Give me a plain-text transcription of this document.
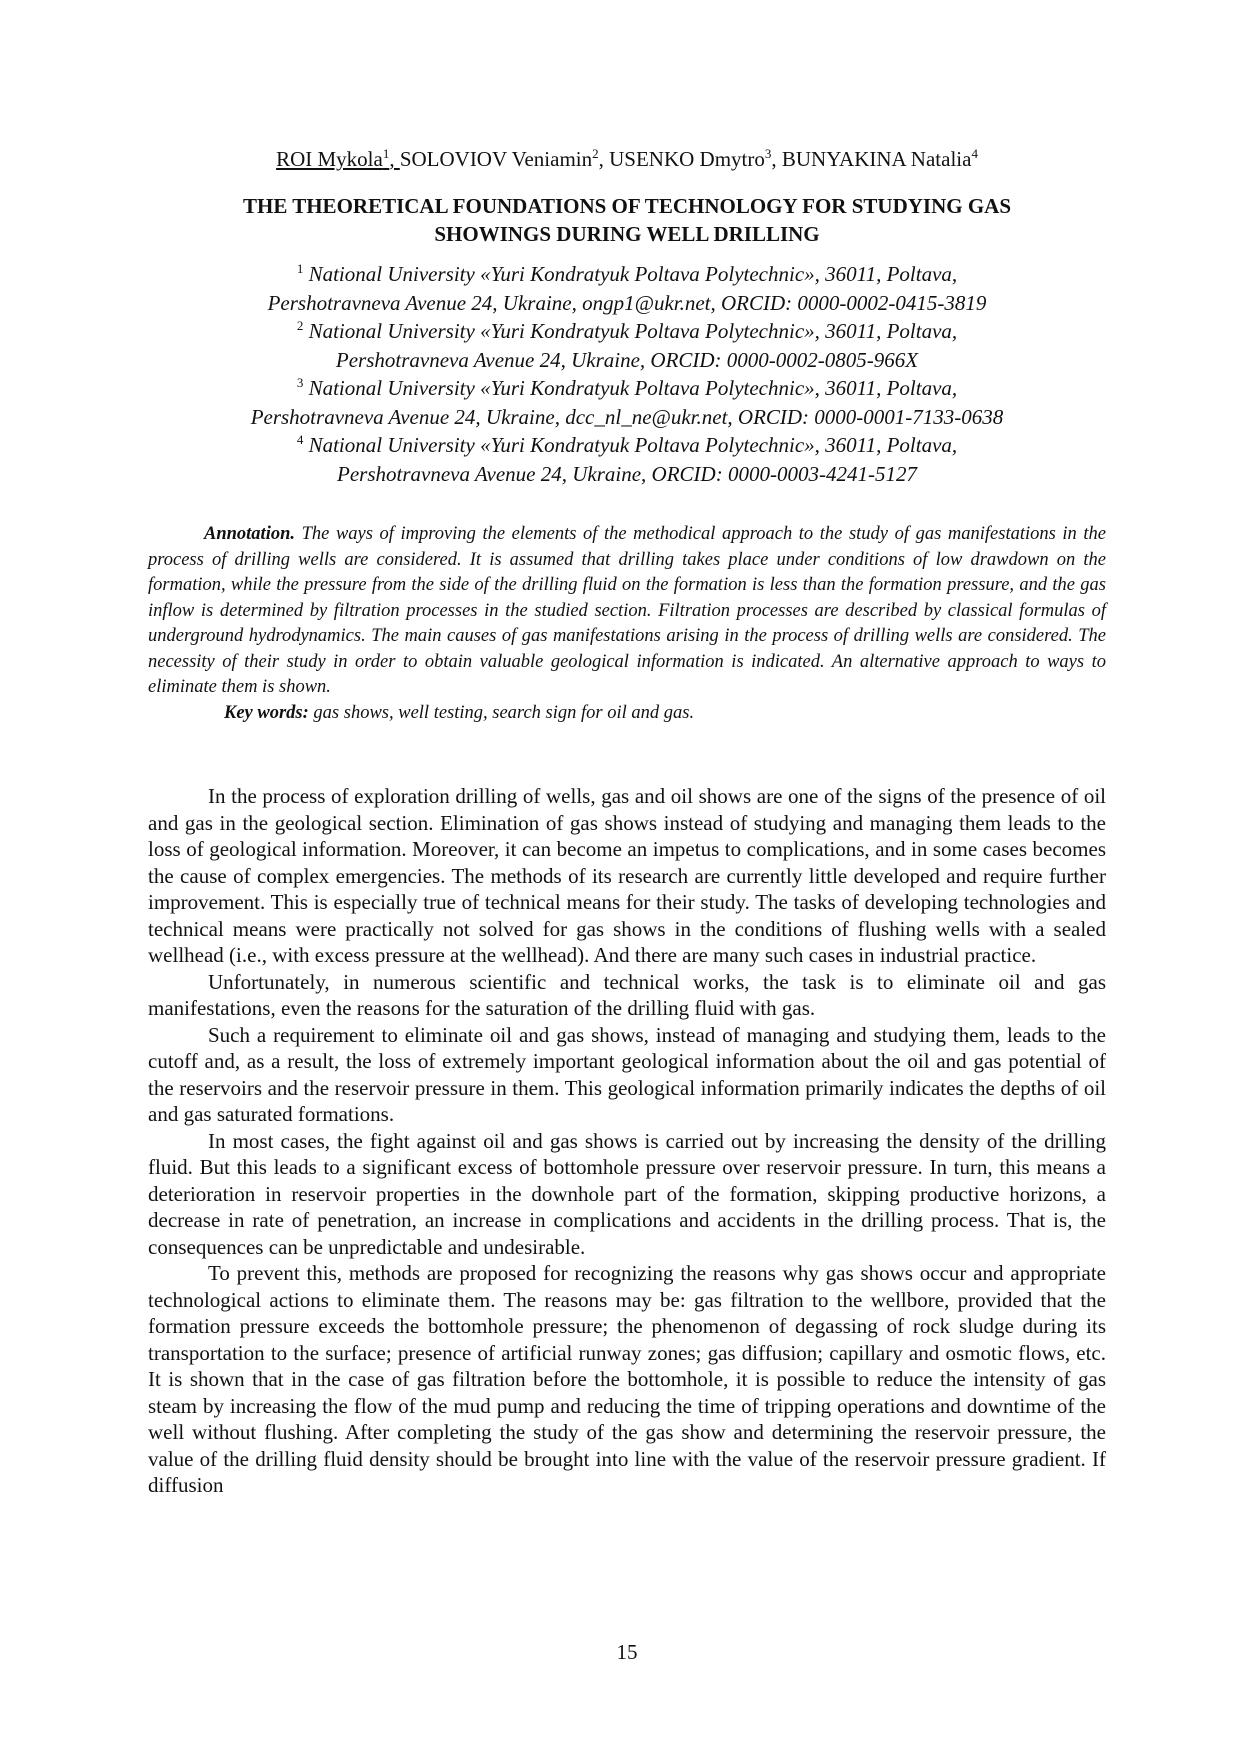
ROI Mykola$^1$, SOLOVIOV Veniamin$^2$, USENKO Dmytro$^3$, BUNYAKINA Natalia$^4$
THE THEORETICAL FOUNDATIONS OF TECHNOLOGY FOR STUDYING GAS
SHOWINGS DURING WELL DRILLING
$^1$ National University «Yuri Kondratyuk Poltava Polytechnic», 36011, Poltava,
Pershotravneva Avenue 24, Ukraine, ongp1@ukr.net, ORCID: 0000-0002-0415-3819
$^2$ National University «Yuri Kondratyuk Poltava Polytechnic», 36011, Poltava,
Pershotravneva Avenue 24, Ukraine, ORCID: 0000-0002-0805-966X
$^3$ National University «Yuri Kondratyuk Poltava Polytechnic», 36011, Poltava,
Pershotravneva Avenue 24, Ukraine, dcc_nl_ne@ukr.net, ORCID: 0000-0001-7133-0638
$^4$ National University «Yuri Kondratyuk Poltava Polytechnic», 36011, Poltava,
Pershotravneva Avenue 24, Ukraine, ORCID: 0000-0003-4241-5127

Annotation. The ways of improving the elements of the methodical approach to the study of gas manifestations in the process of drilling wells are considered. It is assumed that drilling takes place under conditions of low drawdown on the formation, while the pressure from the side of the drilling fluid on the formation is less than the formation pressure, and the gas inflow is determined by filtration processes in the studied section. Filtration processes are described by classical formulas of underground hydrodynamics. The main causes of gas manifestations arising in the process of drilling wells are considered. The necessity of their study in order to obtain valuable geological information is indicated. An alternative approach to ways to eliminate them is shown.

Key words: gas shows, well testing, search sign for oil and gas.

In the process of exploration drilling of wells, gas and oil shows are one of the signs of the presence of oil and gas in the geological section. Elimination of gas shows instead of studying and managing them leads to the loss of geological information. Moreover, it can become an impetus to complications, and in some cases becomes the cause of complex emergencies. The methods of its research are currently little developed and require further improvement. This is especially true of technical means for their study. The tasks of developing technologies and technical means were practically not solved for gas shows in the conditions of flushing wells with a sealed wellhead (i.e., with excess pressure at the wellhead). And there are many such cases in industrial practice.

Unfortunately, in numerous scientific and technical works, the task is to eliminate oil and gas manifestations, even the reasons for the saturation of the drilling fluid with gas.

Such a requirement to eliminate oil and gas shows, instead of managing and studying them, leads to the cutoff and, as a result, the loss of extremely important geological information about the oil and gas potential of the reservoirs and the reservoir pressure in them. This geological information primarily indicates the depths of oil and gas saturated formations.

In most cases, the fight against oil and gas shows is carried out by increasing the density of the drilling fluid. But this leads to a significant excess of bottomhole pressure over reservoir pressure. In turn, this means a deterioration in reservoir properties in the downhole part of the formation, skipping productive horizons, a decrease in rate of penetration, an increase in complications and accidents in the drilling process. That is, the consequences can be unpredictable and undesirable.

To prevent this, methods are proposed for recognizing the reasons why gas shows occur and appropriate technological actions to eliminate them. The reasons may be: gas filtration to the wellbore, provided that the formation pressure exceeds the bottomhole pressure; the phenomenon of degassing of rock sludge during its transportation to the surface; presence of artificial runway zones; gas diffusion; capillary and osmotic flows, etc. It is shown that in the case of gas filtration before the bottomhole, it is possible to reduce the intensity of gas steam by increasing the flow of the mud pump and reducing the time of tripping operations and downtime of the well without flushing. After completing the study of the gas show and determining the reservoir pressure, the value of the drilling fluid density should be brought into line with the value of the reservoir pressure gradient. If diffusion

15
